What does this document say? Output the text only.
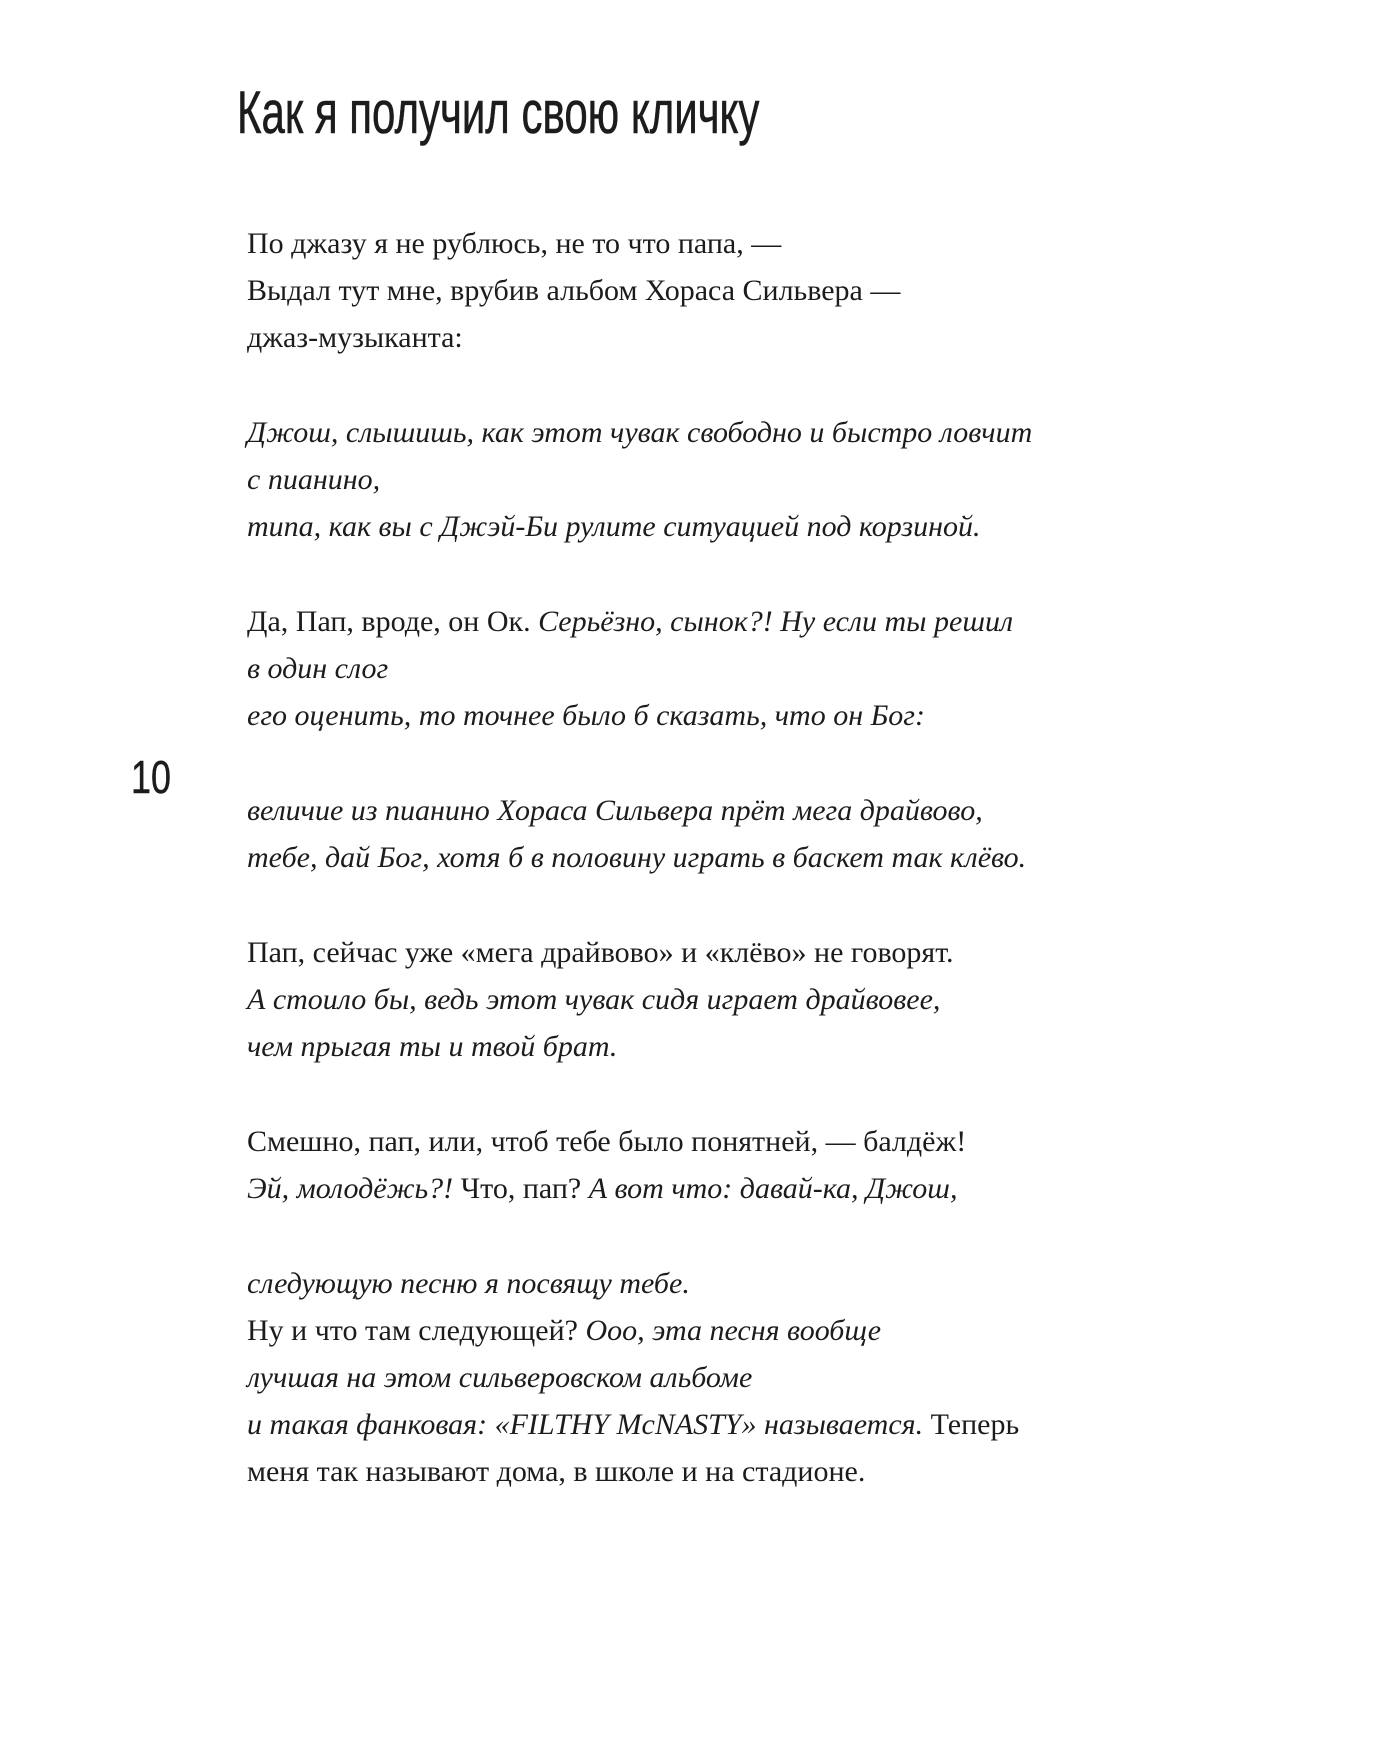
Как я получил свою кличку
10
По джазу я не рублюсь, не то что папа, —
Выдал тут мне, врубив альбом Хораса Сильвера —
джаз-музыканта:
Джош, слышишь, как этот чувак свободно и быстро ловчит
с пианино,
типа, как вы с Джэй-Би рулите ситуацией под корзиной.
Да, Пап, вроде, он Ок. Серьёзно, сынок?! Ну если ты решил
в один слог
его оценить, то точнее было б сказать, что он Бог:
величие из пианино Хораса Сильвера прёт мега драйвово,
тебе, дай Бог, хотя б в половину играть в баскет так клёво.
Пап, сейчас уже «мега драйвово» и «клёво» не говорят.
А стоило бы, ведь этот чувак сидя играет драйвовее,
чем прыгая ты и твой брат.
Смешно, пап, или, чтоб тебе было понятней, — балдёж!
Эй, молодёжь?! Что, пап? А вот что: давай-ка, Джош,
следующую песню я посвящу тебе.
Ну и что там следующей? Ооо, эта песня вообще
лучшая на этом сильверовском альбоме
и такая фанковая: «FILTHY McNASTY» называется. Теперь
меня так называют дома, в школе и на стадионе.
